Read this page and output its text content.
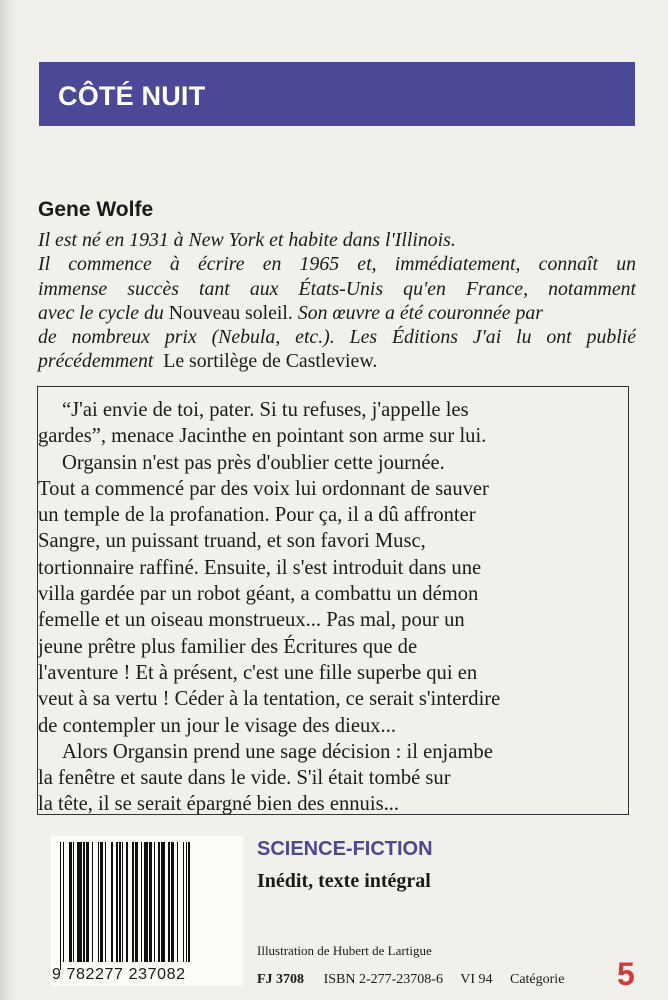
CÔTÉ NUIT
Gene Wolfe
Il est né en 1931 à New York et habite dans l'Illinois.
Il commence à écrire en 1965 et, immédiatement, connaît un
immense succès tant aux États-Unis qu'en France, notamment
avec le cycle du Nouveau soleil. Son œuvre a été couronnée par
de nombreux prix (Nebula, etc.). Les Éditions J'ai lu ont publié
précédemment Le sortilège de Castleview.
“J'ai envie de toi, pater. Si tu refuses, j'appelle les
gardes”, menace Jacinthe en pointant son arme sur lui.
Organsin n'est pas près d'oublier cette journée.
Tout a commencé par des voix lui ordonnant de sauver
un temple de la profanation. Pour ça, il a dû affronter
Sangre, un puissant truand, et son favori Musc,
tortionnaire raffiné. Ensuite, il s'est introduit dans une
villa gardée par un robot géant, a combattu un démon
femelle et un oiseau monstrueux... Pas mal, pour un
jeune prêtre plus familier des Écritures que de
l'aventure ! Et à présent, c'est une fille superbe qui en
veut à sa vertu ! Céder à la tentation, ce serait s'interdire
de contempler un jour le visage des dieux...
Alors Organsin prend une sage décision : il enjambe
la fenêtre et saute dans le vide. S'il était tombé sur
la tête, il se serait épargné bien des ennuis...
9 782277 237082
SCIENCE-FICTION
Inédit, texte intégral
Illustration de Hubert de Lartigue
FJ 3708 ISBN 2-277-23708-6 VI 94 Catégorie	5
